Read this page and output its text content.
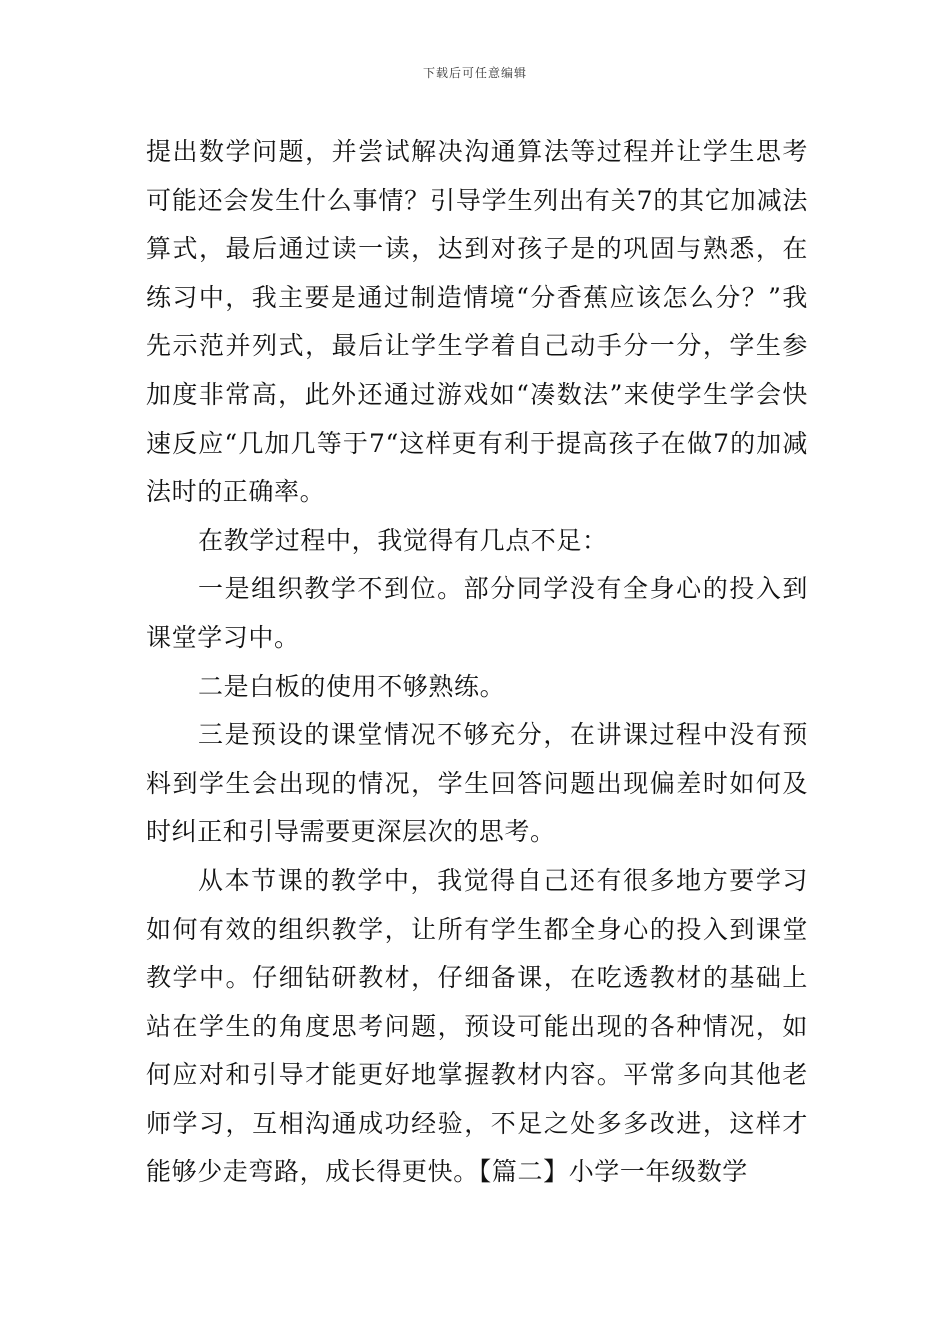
下载后可任意编辑

提出数学问题，并尝试解决沟通算法等过程并让学生思考可能还会发生什么事情？引导学生列出有关7的其它加减法算式，最后通过读一读，达到对孩子是的巩固与熟悉，在练习中，我主要是通过制造情境“分香蕉应该怎么分？”我先示范并列式，最后让学生学着自己动手分一分，学生参加度非常高，此外还通过游戏如“凑数法”来使学生学会快速反应“几加几等于7“这样更有利于提高孩子在做7的加减法时的正确率。

在教学过程中，我觉得有几点不足：

一是组织教学不到位。部分同学没有全身心的投入到课堂学习中。

二是白板的使用不够熟练。

三是预设的课堂情况不够充分，在讲课过程中没有预料到学生会出现的情况，学生回答问题出现偏差时如何及时纠正和引导需要更深层次的思考。

从本节课的教学中，我觉得自己还有很多地方要学习如何有效的组织教学，让所有学生都全身心的投入到课堂教学中。仔细钻研教材，仔细备课，在吃透教材的基础上站在学生的角度思考问题，预设可能出现的各种情况，如何应对和引导才能更好地掌握教材内容。平常多向其他老师学习，互相沟通成功经验，不足之处多多改进，这样才能够少走弯路，成长得更快。【篇二】小学一年级数学
